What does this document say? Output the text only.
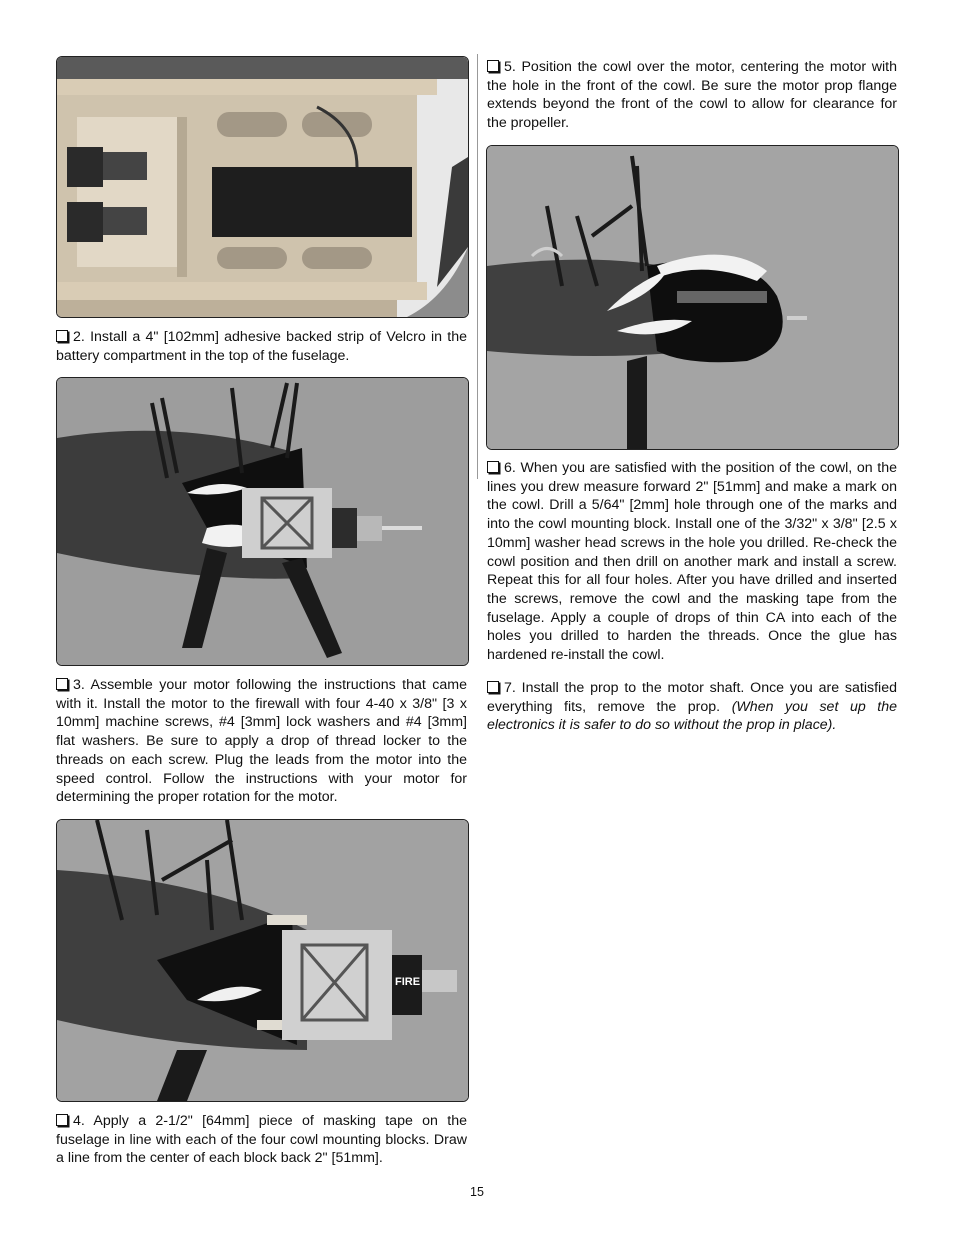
2. Install a 4" [102mm] adhesive backed strip of Velcro in the battery compartment in the top of the fuselage.

3. Assemble your motor following the instructions that came with it. Install the motor to the firewall with four 4-40 x 3/8" [3 x 10mm] machine screws, #4 [3mm] lock washers and #4 [3mm] flat washers. Be sure to apply a drop of thread locker to the threads on each screw. Plug the leads from the motor into the speed control. Follow the instructions with your motor for determining the proper rotation for the motor.

FIRE

4. Apply a 2-1/2" [64mm] piece of masking tape on the fuselage in line with each of the four cowl mounting blocks. Draw a line from the center of each block back 2" [51mm].

5. Position the cowl over the motor, centering the motor with the hole in the front of the cowl. Be sure the motor prop flange extends beyond the front of the cowl to allow for clearance for the propeller.

6. When you are satisfied with the position of the cowl, on the lines you drew measure forward 2" [51mm] and make a mark on the cowl. Drill a 5/64" [2mm] hole through one of the marks and into the cowl mounting block. Install one of the 3/32" x 3/8" [2.5 x 10mm] washer head screws in the hole you drilled. Re-check the cowl position and then drill on another mark and install a screw. Repeat this for all four holes. After you have drilled and inserted the screws, remove the cowl and the masking tape from the fuselage. Apply a couple of drops of thin CA into each of the holes you drilled to harden the threads. Once the glue has hardened re-install the cowl.

7. Install the prop to the motor shaft. Once you are satisfied everything fits, remove the prop. (When you set up the electronics it is safer to do so without the prop in place).

15
